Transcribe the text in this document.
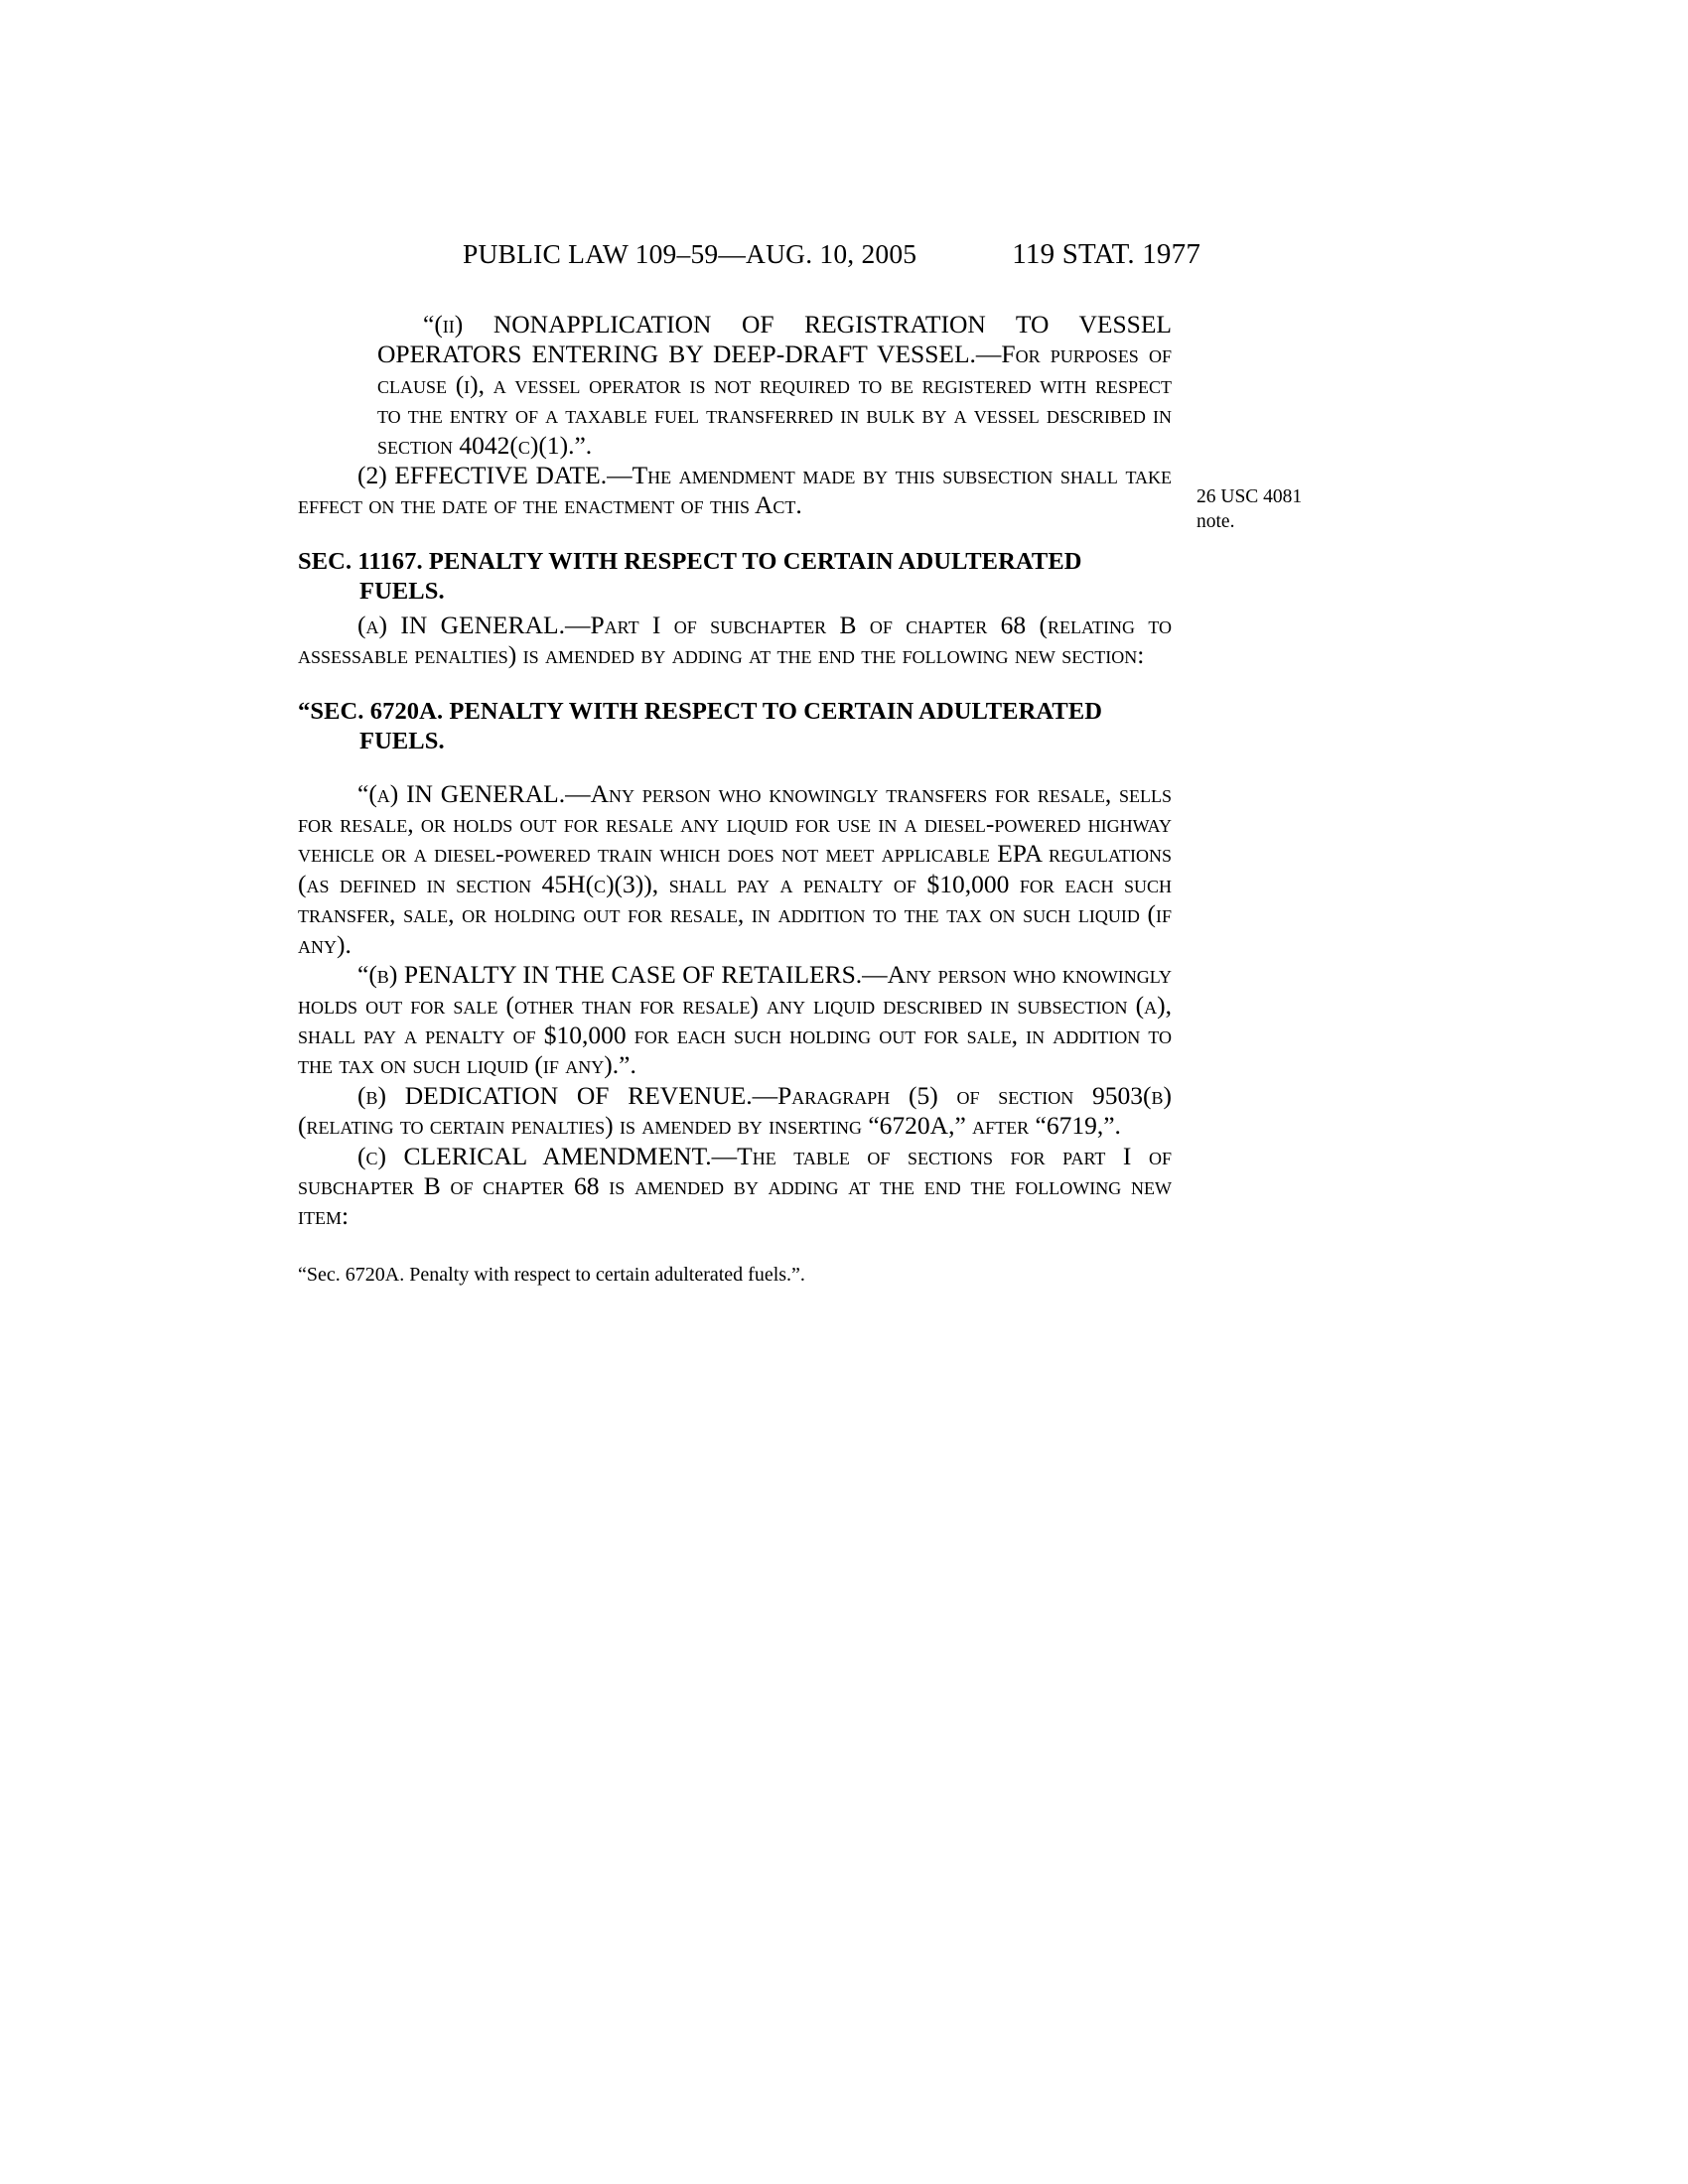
PUBLIC LAW 109–59—AUG. 10, 2005	119 STAT. 1977
26 USC 4081
note.

“(ii) NONAPPLICATION OF REGISTRATION TO VESSEL OPERATORS ENTERING BY DEEP-DRAFT VESSEL.—For purposes of clause (i), a vessel operator is not required to be registered with respect to the entry of a taxable fuel transferred in bulk by a vessel described in section 4042(c)(1).”.

(2) EFFECTIVE DATE.—The amendment made by this subsection shall take effect on the date of the enactment of this Act.

SEC. 11167. PENALTY WITH RESPECT TO CERTAIN ADULTERATED
FUELS.

(a) IN GENERAL.—Part I of subchapter B of chapter 68 (relating to assessable penalties) is amended by adding at the end the following new section:

“SEC. 6720A. PENALTY WITH RESPECT TO CERTAIN ADULTERATED
FUELS.

“(a) IN GENERAL.—Any person who knowingly transfers for resale, sells for resale, or holds out for resale any liquid for use in a diesel-powered highway vehicle or a diesel-powered train which does not meet applicable EPA regulations (as defined in section 45H(c)(3)), shall pay a penalty of $10,000 for each such transfer, sale, or holding out for resale, in addition to the tax on such liquid (if any).

“(b) PENALTY IN THE CASE OF RETAILERS.—Any person who knowingly holds out for sale (other than for resale) any liquid described in subsection (a), shall pay a penalty of $10,000 for each such holding out for sale, in addition to the tax on such liquid (if any).”.

(b) DEDICATION OF REVENUE.—Paragraph (5) of section 9503(b) (relating to certain penalties) is amended by inserting “6720A,” after “6719,”.

(c) CLERICAL AMENDMENT.—The table of sections for part I of subchapter B of chapter 68 is amended by adding at the end the following new item:

“Sec. 6720A. Penalty with respect to certain adulterated fuels.”.
